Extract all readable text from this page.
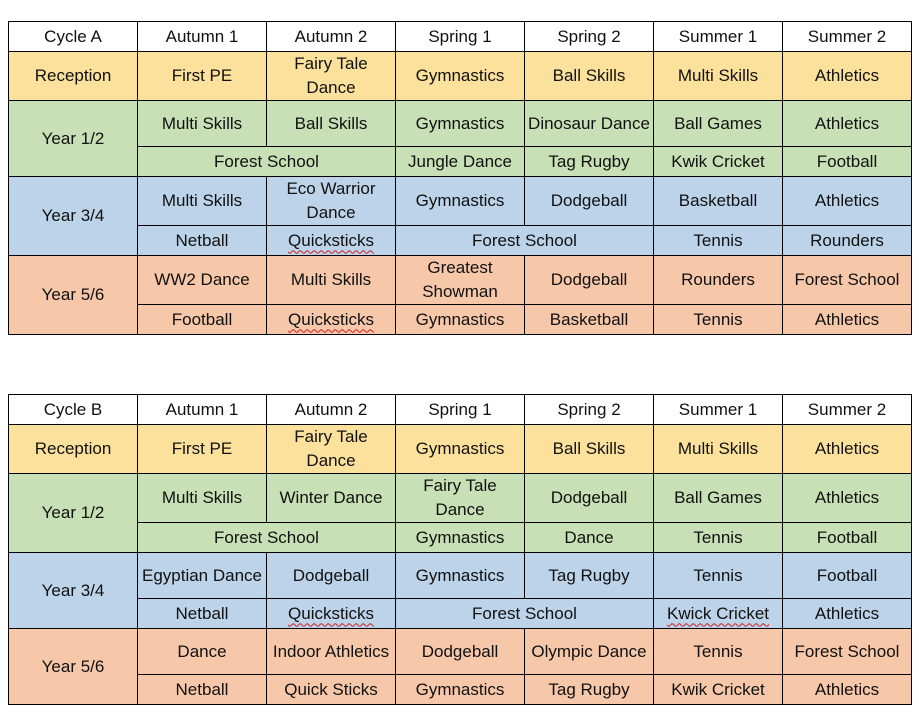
Cycle A	Autumn 1	Autumn 2	Spring 1	Spring 2	Summer 1	Summer 2
Reception	First PE	Fairy Tale Dance	Gymnastics	Ball Skills	Multi Skills	Athletics
Year 1/2	Multi Skills	Ball Skills	Gymnastics	Dinosaur Dance	Ball Games	Athletics
	Forest School		Jungle Dance	Tag Rugby	Kwik Cricket	Football
Year 3/4	Multi Skills	Eco Warrior Dance	Gymnastics	Dodgeball	Basketball	Athletics
	Netball	Quicksticks	Forest School		Tennis	Rounders
Year 5/6	WW2 Dance	Multi Skills	Greatest Showman	Dodgeball	Rounders	Forest School
	Football	Quicksticks	Gymnastics	Basketball	Tennis	Athletics
Cycle B	Autumn 1	Autumn 2	Spring 1	Spring 2	Summer 1	Summer 2
Reception	First PE	Fairy Tale Dance	Gymnastics	Ball Skills	Multi Skills	Athletics
Year 1/2	Multi Skills	Winter Dance	Fairy Tale Dance	Dodgeball	Ball Games	Athletics
	Forest School		Gymnastics	Dance	Tennis	Football
Year 3/4	Egyptian Dance	Dodgeball	Gymnastics	Tag Rugby	Tennis	Football
	Netball	Quicksticks	Forest School		Kwick Cricket	Athletics
Year 5/6	Dance	Indoor Athletics	Dodgeball	Olympic Dance	Tennis	Forest School
	Netball	Quick Sticks	Gymnastics	Tag Rugby	Kwik Cricket	Athletics
